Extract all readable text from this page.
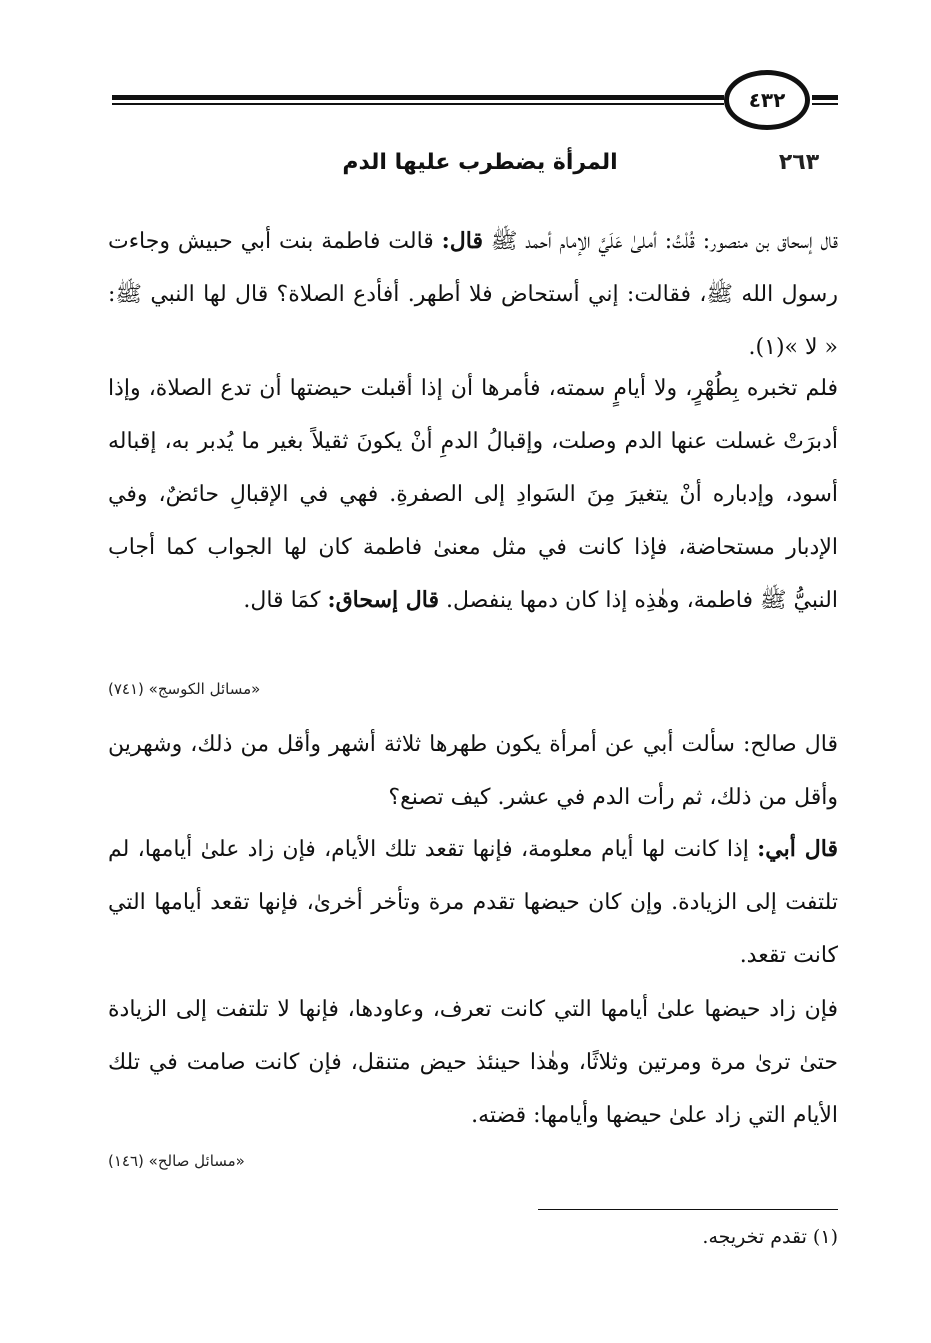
٤٣٢
٢٦٣
المرأة يضطرب عليها الدم
قال إسحاق بن منصور: قُلْتُ: أملىٰ عَلَيَّ الإمام أحمد ﷺ قال: قالت فاطمة بنت أبي حبيش وجاءت رسول الله ﷺ، فقالت: إني أستحاض فلا أطهر. أفأدع الصلاة؟ قال لها النبي ﷺ: « لا »(١).
فلم تخبره بِطُهْرٍ، ولا أيامٍ سمته، فأمرها أن إذا أقبلت حيضتها أن تدع الصلاة، وإذا أدبرَتْ غسلت عنها الدم وصلت، وإقبالُ الدمِ أنْ يكونَ ثقيلاً بغير ما يُدبر به، إقباله أسود، وإدباره أنْ يتغيرَ مِنَ السَوادِ إلى الصفرةِ. فهي في الإقبالِ حائضٌ، وفي الإدبار مستحاضة، فإذا كانت في مثل معنىٰ فاطمة كان لها الجواب كما أجاب النبيُّ ﷺ فاطمة، وهٰذِه إذا كان دمها ينفصل. قال إسحاق: كمَا قال.
«مسائل الكوسج» (٧٤١)
قال صالح: سألت أبي عن أمرأة يكون طهرها ثلاثة أشهر وأقل من ذلك، وشهرين وأقل من ذلك، ثم رأت الدم في عشر. كيف تصنع؟
قال أبي: إذا كانت لها أيام معلومة، فإنها تقعد تلك الأيام، فإن زاد علىٰ أيامها، لم تلتفت إلى الزيادة. وإن كان حيضها تقدم مرة وتأخر أخرىٰ، فإنها تقعد أيامها التي كانت تقعد.
فإن زاد حيضها علىٰ أيامها التي كانت تعرف، وعاودها، فإنها لا تلتفت إلى الزيادة حتىٰ ترىٰ مرة ومرتين وثلاثًا، وهٰذا حينئذ حيض متنقل، فإن كانت صامت في تلك الأيام التي زاد علىٰ حيضها وأيامها: قضته.
«مسائل صالح» (١٤٦)
(١) تقدم تخريجه.
